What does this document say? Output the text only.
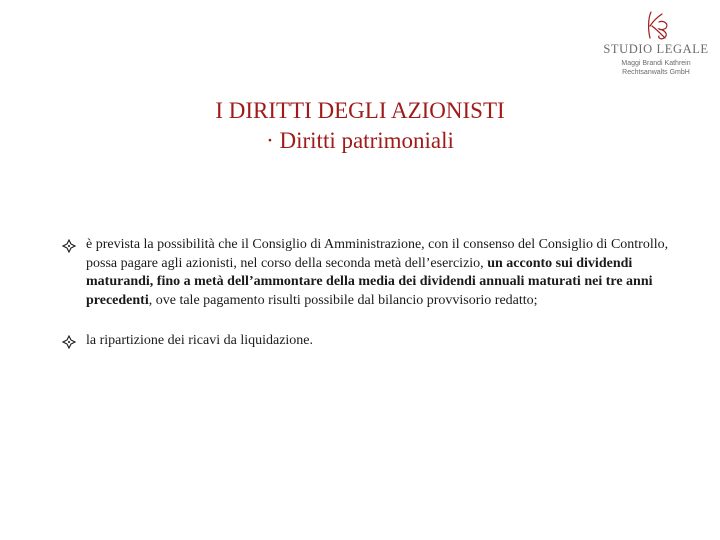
STUDIO LEGALE
Maggi Brandi Kathrein
Rechtsanwalts GmbH
I DIRITTI DEGLI AZIONISTI
· Diritti patrimoniali
è prevista la possibilità che il Consiglio di Amministrazione, con il consenso del Consiglio di Controllo, possa pagare agli azionisti, nel corso della seconda metà dell’esercizio, un acconto sui dividendi maturandi, fino a metà dell’ammontare della media dei dividendi annuali maturati nei tre anni precedenti, ove tale pagamento risulti possibile dal bilancio provvisorio redatto;
la ripartizione dei ricavi da liquidazione.
